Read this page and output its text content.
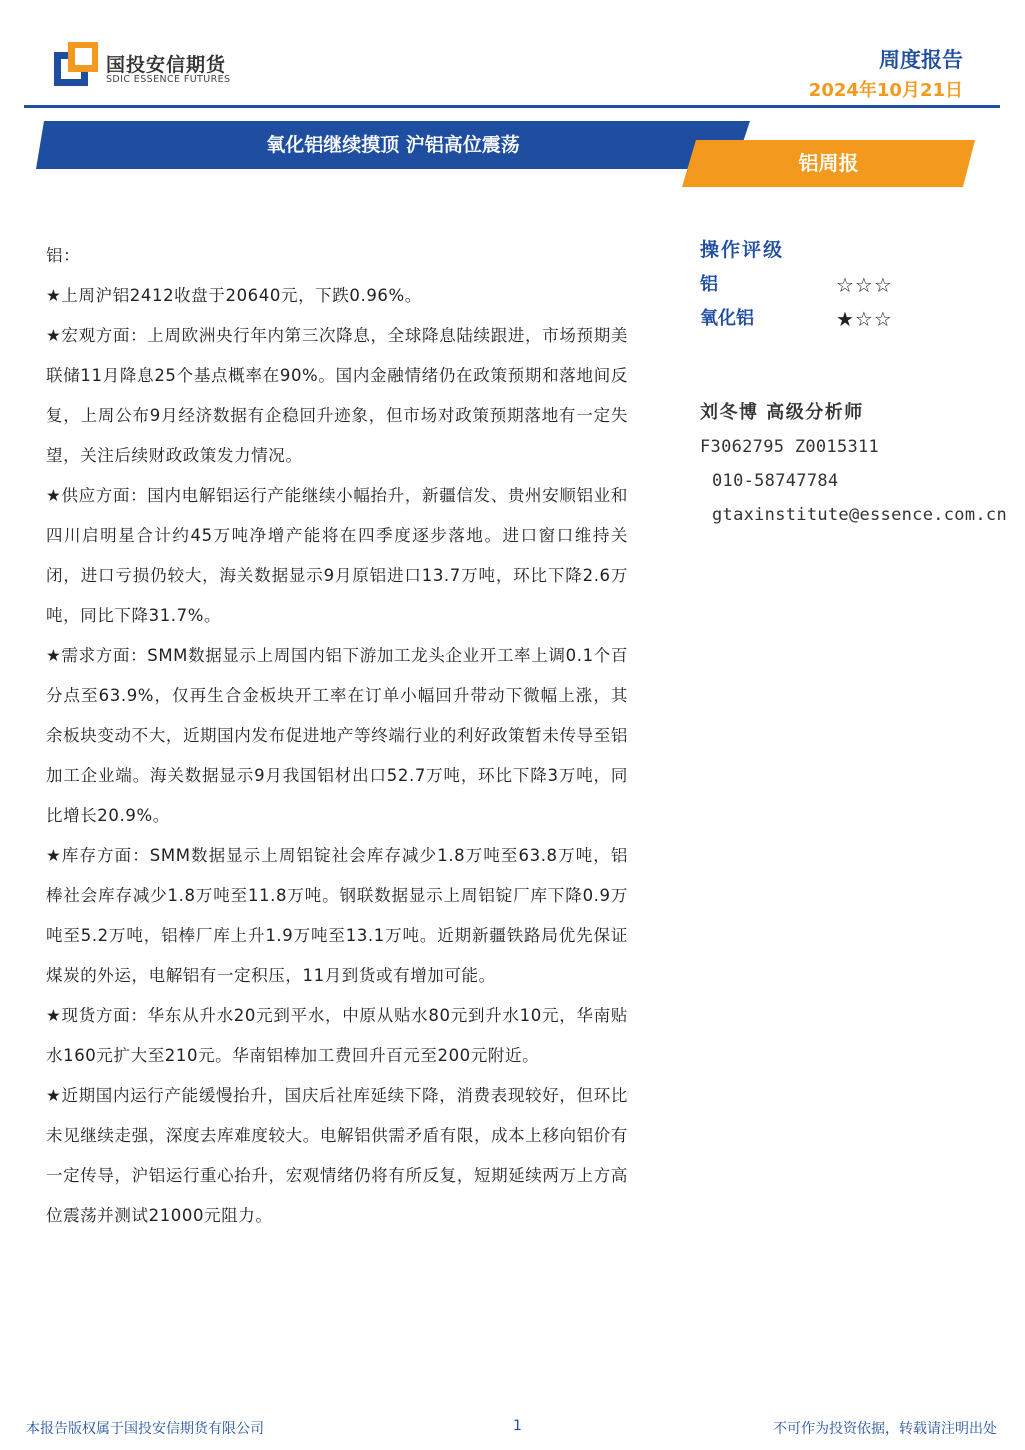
国投安信期货
SDIC ESSENCE FUTURES
周度报告
2024年10月21日
氧化铝继续摸顶 沪铝高位震荡
铝周报

铝：

★上周沪铝2412收盘于20640元，下跌0.96%。

★宏观方面：上周欧洲央行年内第三次降息，全球降息陆续跟进，市场预期美联储11月降息25个基点概率在90%。国内金融情绪仍在政策预期和落地间反复，上周公布9月经济数据有企稳回升迹象，但市场对政策预期落地有一定失望，关注后续财政政策发力情况。

★供应方面：国内电解铝运行产能继续小幅抬升，新疆信发、贵州安顺铝业和四川启明星合计约45万吨净增产能将在四季度逐步落地。进口窗口维持关闭，进口亏损仍较大，海关数据显示9月原铝进口13.7万吨，环比下降2.6万吨，同比下降31.7%。

★需求方面：SMM数据显示上周国内铝下游加工龙头企业开工率上调0.1个百分点至63.9%，仅再生合金板块开工率在订单小幅回升带动下微幅上涨，其余板块变动不大，近期国内发布促进地产等终端行业的利好政策暂未传导至铝加工企业端。海关数据显示9月我国铝材出口52.7万吨，环比下降3万吨，同比增长20.9%。

★库存方面：SMM数据显示上周铝锭社会库存减少1.8万吨至63.8万吨，铝棒社会库存减少1.8万吨至11.8万吨。钢联数据显示上周铝锭厂库下降0.9万吨至5.2万吨，铝棒厂库上升1.9万吨至13.1万吨。近期新疆铁路局优先保证煤炭的外运，电解铝有一定积压，11月到货或有增加可能。

★现货方面：华东从升水20元到平水，中原从贴水80元到升水10元，华南贴水160元扩大至210元。华南铝棒加工费回升百元至200元附近。

★近期国内运行产能缓慢抬升，国庆后社库延续下降，消费表现较好，但环比未见继续走强，深度去库难度较大。电解铝供需矛盾有限，成本上移向铝价有一定传导，沪铝运行重心抬升，宏观情绪仍将有所反复，短期延续两万上方高位震荡并测试21000元阻力。

操作评级
铝	☆☆☆
氧化铝	★☆☆
刘冬博 高级分析师
F3062795 Z0015311
010-58747784
gtaxinstitute@essence.com.cn
本报告版权属于国投安信期货有限公司	1	不可作为投资依据，转载请注明出处
